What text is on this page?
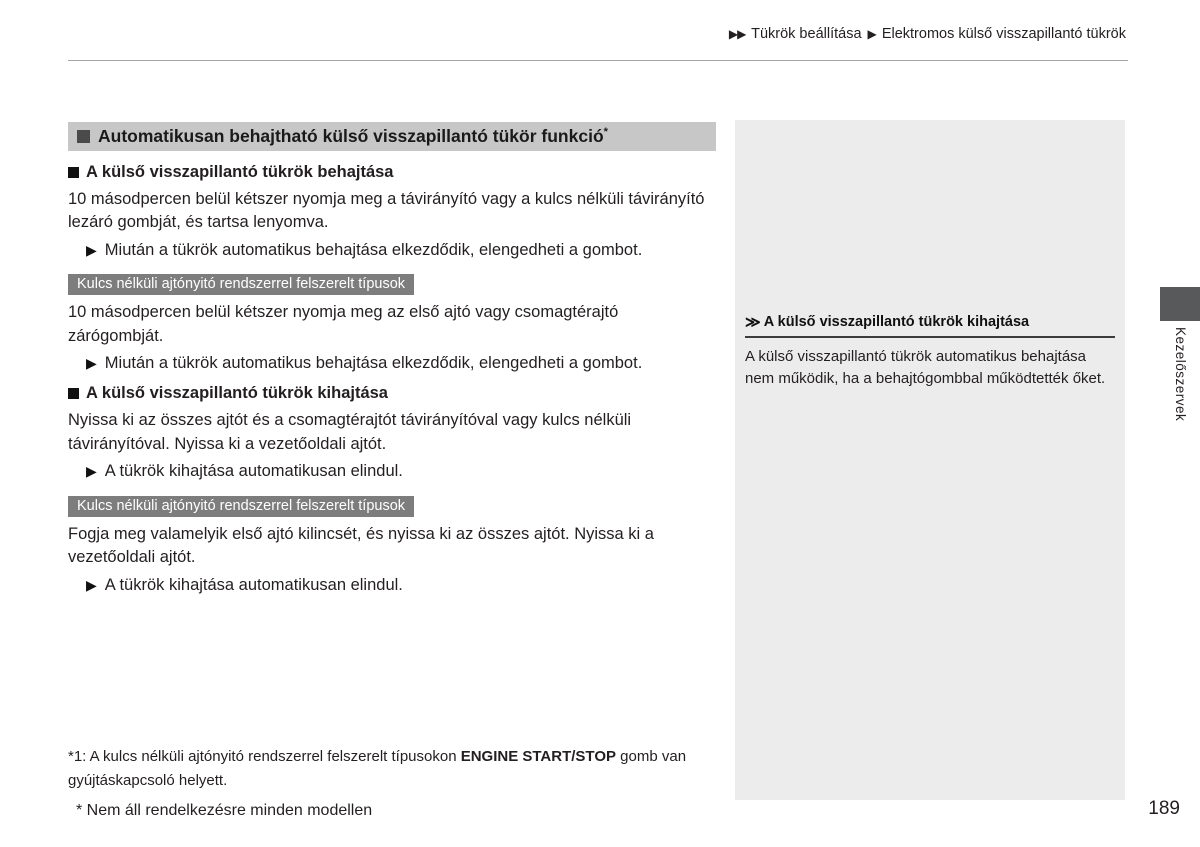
▶▶ Tükrök beállítása ▶ Elektromos külső visszapillantó tükrök
Automatikusan behajtható külső visszapillantó tükör funkció*
A külső visszapillantó tükrök behajtása

10 másodpercen belül kétszer nyomja meg a távirányító vagy a kulcs nélküli távirányító lezáró gombját, és tartsa lenyomva.

▶ Miután a tükrök automatikus behajtása elkezdődik, elengedheti a gombot.
Kulcs nélküli ajtónyitó rendszerrel felszerelt típusok

10 másodpercen belül kétszer nyomja meg az első ajtó vagy csomagtérajtó zárógombját.

▶ Miután a tükrök automatikus behajtása elkezdődik, elengedheti a gombot.
A külső visszapillantó tükrök kihajtása

Nyissa ki az összes ajtót és a csomagtérajtót távirányítóval vagy kulcs nélküli távirányítóval. Nyissa ki a vezetőoldali ajtót.

▶ A tükrök kihajtása automatikusan elindul.
Kulcs nélküli ajtónyitó rendszerrel felszerelt típusok

Fogja meg valamelyik első ajtó kilincsét, és nyissa ki az összes ajtót. Nyissa ki a vezetőoldali ajtót.

▶ A tükrök kihajtása automatikusan elindul.
*1: A kulcs nélküli ajtónyitó rendszerrel felszerelt típusokon ENGINE START/STOP gomb van gyújtáskapcsoló helyett.
* Nem áll rendelkezésre minden modellen
≫ A külső visszapillantó tükrök kihajtása
A külső visszapillantó tükrök automatikus behajtása nem működik, ha a behajtógombbal működtették őket.	Kezelőszervek
189
